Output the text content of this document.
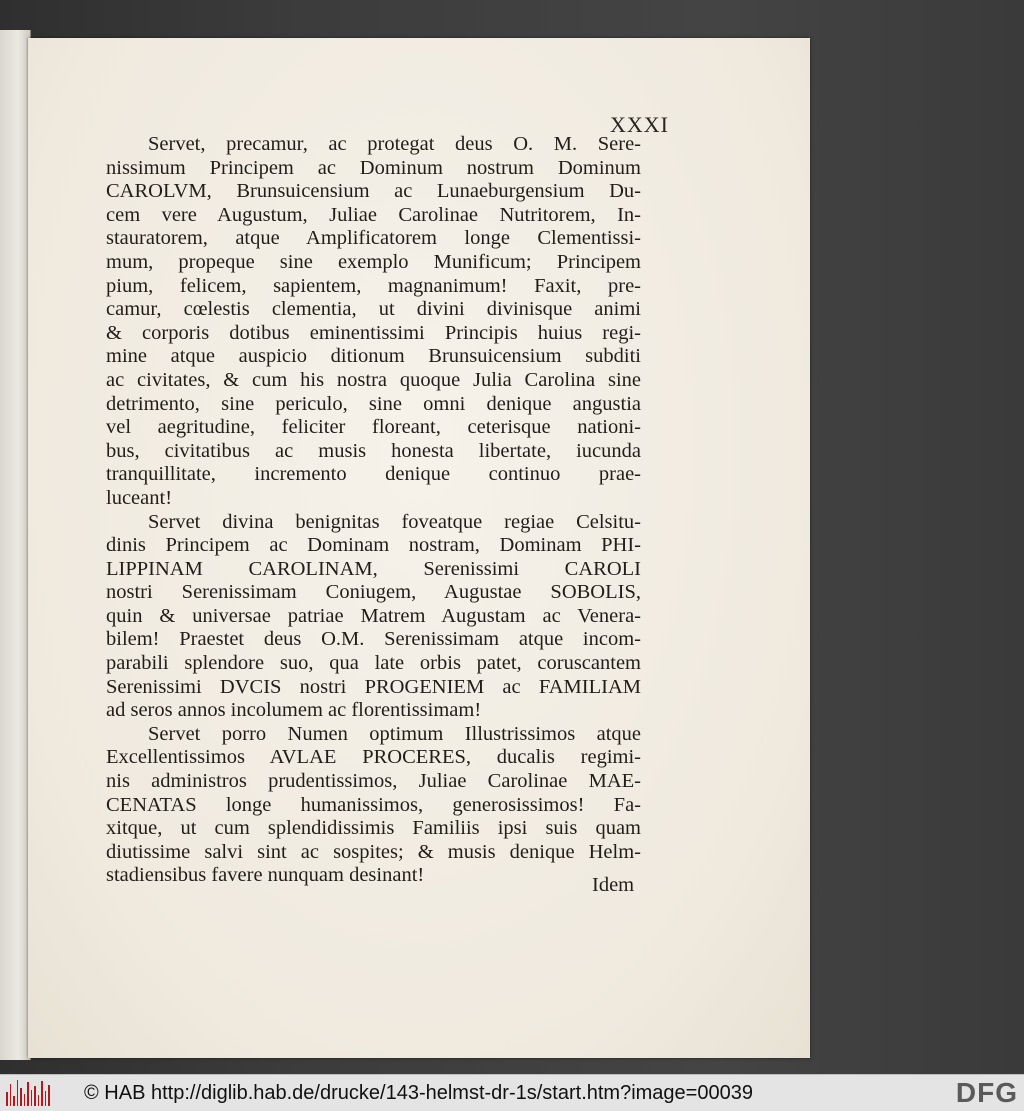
XXXI
Servet, precamur, ac protegat deus O. M. Sere-
nissimum Principem ac Dominum nostrum Dominum
CAROLVM, Brunsuicensium ac Lunaeburgensium Du-
cem vere Augustum, Juliae Carolinae Nutritorem, In-
stauratorem, atque Amplificatorem longe Clementissi-
mum, propeque sine exemplo Munificum; Principem
pium, felicem, sapientem, magnanimum! Faxit, pre-
camur, cœlestis clementia, ut divini divinisque animi
& corporis dotibus eminentissimi Principis huius regi-
mine atque auspicio ditionum Brunsuicensium subditi
ac civitates, & cum his nostra quoque Julia Carolina sine
detrimento, sine periculo, sine omni denique angustia
vel aegritudine, feliciter floreant, ceterisque nationi-
bus, civitatibus ac musis honesta libertate, iucunda
tranquillitate, incremento denique continuo prae-
luceant!
Servet divina benignitas foveatque regiae Celsitu-
dinis Principem ac Dominam nostram, Dominam PHI-
LIPPINAM CAROLINAM, Serenissimi CAROLI
nostri Serenissimam Coniugem, Augustae SOBOLIS,
quin & universae patriae Matrem Augustam ac Venera-
bilem! Praestet deus O.M. Serenissimam atque incom-
parabili splendore suo, qua late orbis patet, coruscantem
Serenissimi DVCIS nostri PROGENIEM ac FAMILIAM
ad seros annos incolumem ac florentissimam!
Servet porro Numen optimum Illustrissimos atque
Excellentissimos AVLAE PROCERES, ducalis regimi-
nis administros prudentissimos, Juliae Carolinae MAE-
CENATAS longe humanissimos, generosissimos! Fa-
xitque, ut cum splendidissimis Familiis ipsi suis quam
diutissime salvi sint ac sospites; & musis denique Helm-
stadiensibus favere nunquam desinant!	Idem
© HAB http://diglib.hab.de/drucke/143-helmst-dr-1s/start.htm?image=00039	DFG
